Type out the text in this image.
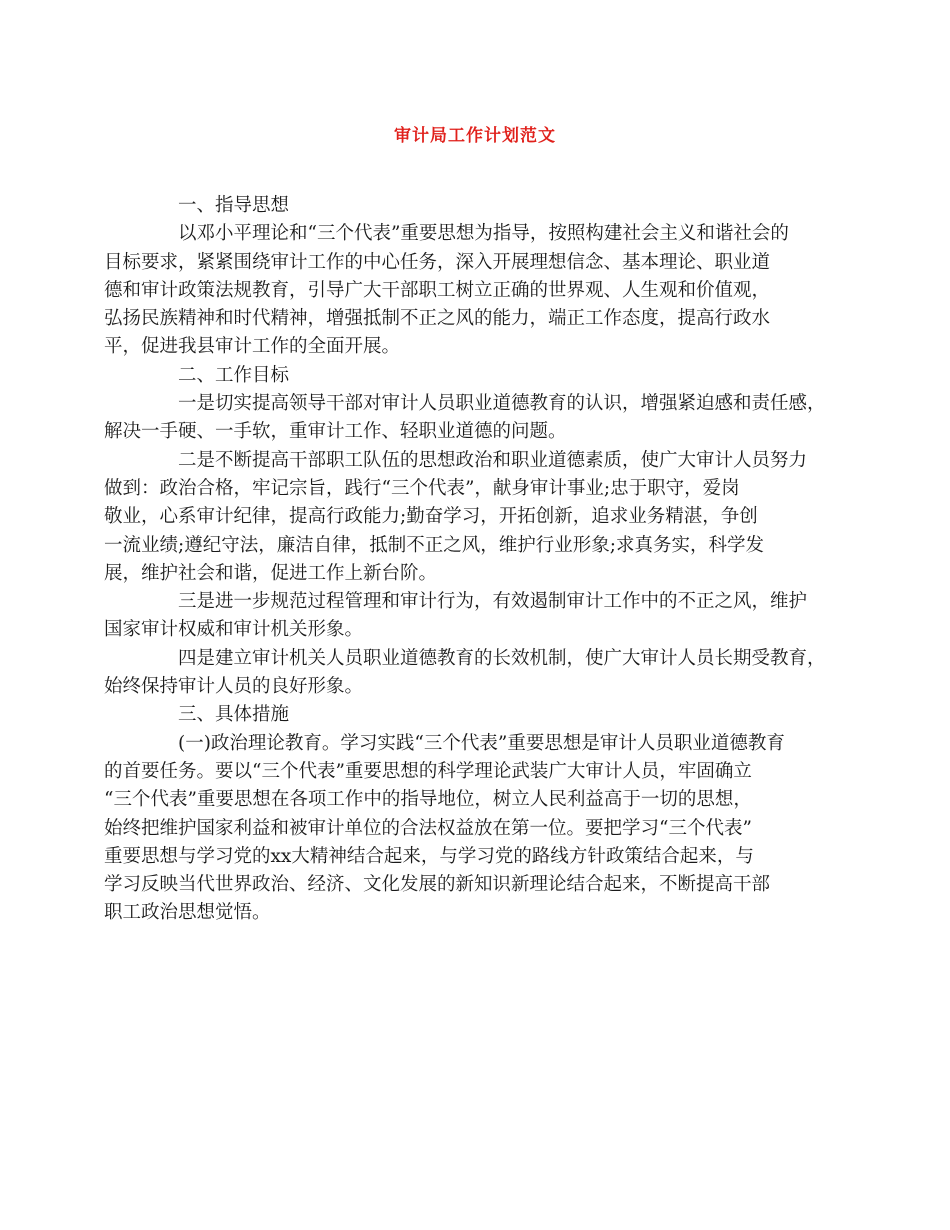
审计局工作计划范文

一、指导思想

以邓小平理论和“三个代表”重要思想为指导，按照构建社会主义和谐社会的
目标要求，紧紧围绕审计工作的中心任务，深入开展理想信念、基本理论、职业道
德和审计政策法规教育，引导广大干部职工树立正确的世界观、人生观和价值观，
弘扬民族精神和时代精神，增强抵制不正之风的能力，端正工作态度，提高行政水
平，促进我县审计工作的全面开展。

二、工作目标

一是切实提高领导干部对审计人员职业道德教育的认识，增强紧迫感和责任感，
解决一手硬、一手软，重审计工作、轻职业道德的问题。
二是不断提高干部职工队伍的思想政治和职业道德素质，使广大审计人员努力
做到：政治合格，牢记宗旨，践行“三个代表”，献身审计事业;忠于职守，爱岗
敬业，心系审计纪律，提高行政能力;勤奋学习，开拓创新，追求业务精湛，争创
一流业绩;遵纪守法，廉洁自律，抵制不正之风，维护行业形象;求真务实，科学发
展，维护社会和谐，促进工作上新台阶。
三是进一步规范过程管理和审计行为，有效遏制审计工作中的不正之风，维护
国家审计权威和审计机关形象。
四是建立审计机关人员职业道德教育的长效机制，使广大审计人员长期受教育，
始终保持审计人员的良好形象。

三、具体措施

(一)政治理论教育。学习实践“三个代表”重要思想是审计人员职业道德教育
的首要任务。要以“三个代表”重要思想的科学理论武装广大审计人员，牢固确立
“三个代表”重要思想在各项工作中的指导地位，树立人民利益高于一切的思想，
始终把维护国家利益和被审计单位的合法权益放在第一位。要把学习“三个代表”
重要思想与学习党的xx大精神结合起来，与学习党的路线方针政策结合起来，与
学习反映当代世界政治、经济、文化发展的新知识新理论结合起来，不断提高干部
职工政治思想觉悟。
